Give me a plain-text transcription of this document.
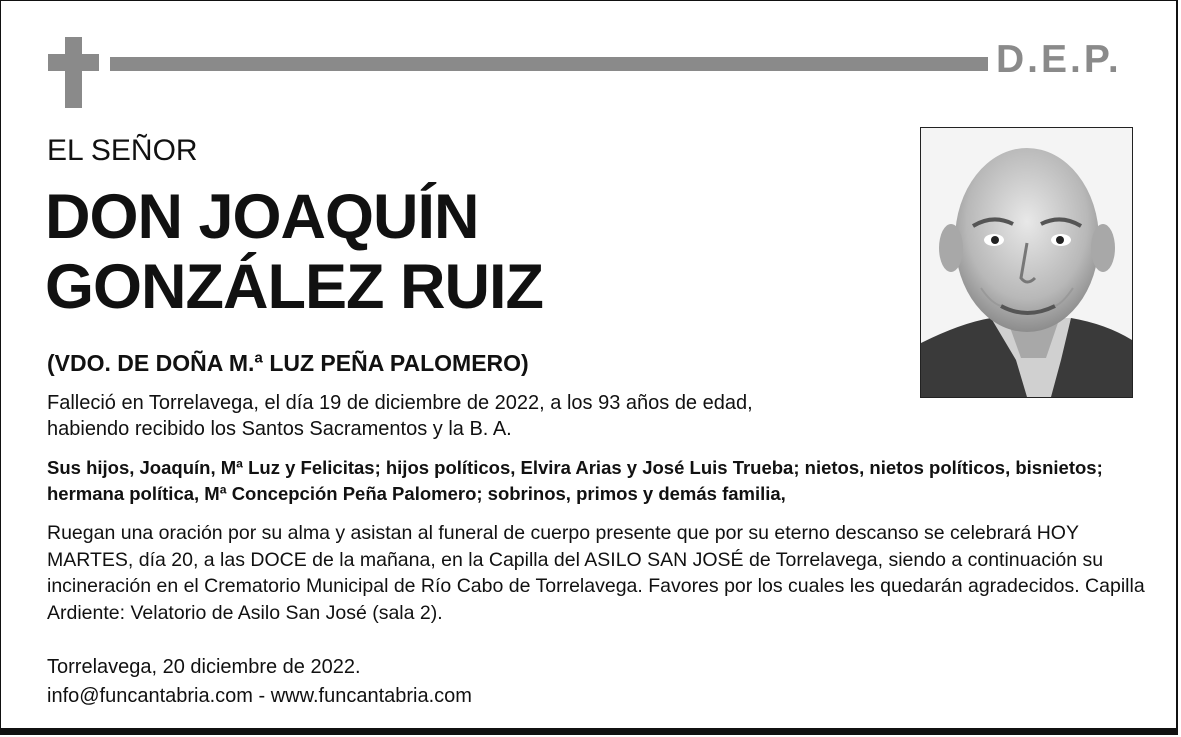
D.E.P.
EL SEÑOR
DON JOAQUÍN
GONZÁLEZ RUIZ
(VDO. DE DOÑA M.ª LUZ PEÑA PALOMERO)
Falleció en Torrelavega, el día 19 de diciembre de 2022, a los 93 años de edad,
habiendo recibido los Santos Sacramentos y la B. A.
Sus hijos, Joaquín, Mª Luz y Felicitas; hijos políticos, Elvira Arias y José Luis Trueba; nietos, nietos políticos, bisnietos; hermana política, Mª Concepción Peña Palomero; sobrinos, primos y demás familia,
Ruegan una oración por su alma y asistan al funeral de cuerpo presente que por su eterno descanso se celebrará HOY MARTES, día 20, a las DOCE de la mañana, en la Capilla del ASILO SAN JOSÉ de Torrelavega, siendo a continuación su incineración en el Crematorio Municipal de Río Cabo de Torrelavega. Favores por los cuales les quedarán agradecidos. Capilla Ardiente: Velatorio de Asilo San José (sala 2).
Torrelavega, 20 diciembre de 2022.
info@funcantabria.com - www.funcantabria.com
